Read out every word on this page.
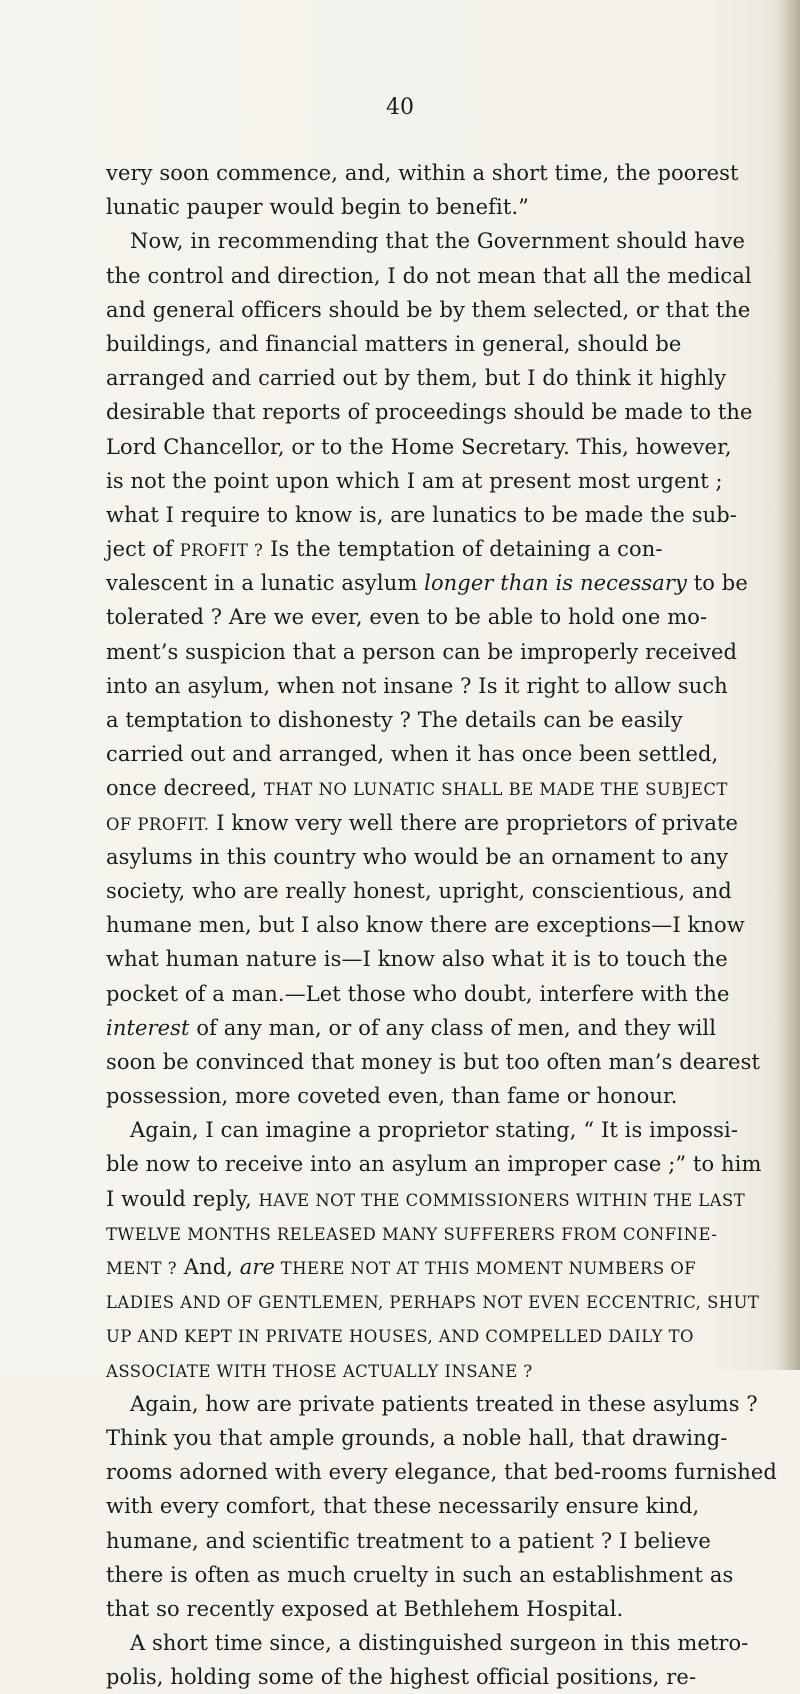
40
very soon commence, and, within a short time, the poorest
lunatic pauper would begin to benefit.”
Now, in recommending that the Government should have
the control and direction, I do not mean that all the medical
and general officers should be by them selected, or that the
buildings, and financial matters in general, should be
arranged and carried out by them, but I do think it highly
desirable that reports of proceedings should be made to the
Lord Chancellor, or to the Home Secretary. This, however,
is not the point upon which I am at present most urgent ;
what I require to know is, are lunatics to be made the sub-
ject of PROFIT ? Is the temptation of detaining a con-
valescent in a lunatic asylum longer than is necessary to be
tolerated ? Are we ever, even to be able to hold one mo-
ment’s suspicion that a person can be improperly received
into an asylum, when not insane ? Is it right to allow such
a temptation to dishonesty ? The details can be easily
carried out and arranged, when it has once been settled,
once decreed, THAT NO LUNATIC SHALL BE MADE THE SUBJECT
OF PROFIT. I know very well there are proprietors of private
asylums in this country who would be an ornament to any
society, who are really honest, upright, conscientious, and
humane men, but I also know there are exceptions—I know
what human nature is—I know also what it is to touch the
pocket of a man.—Let those who doubt, interfere with the
interest of any man, or of any class of men, and they will
soon be convinced that money is but too often man’s dearest
possession, more coveted even, than fame or honour.
Again, I can imagine a proprietor stating, “ It is impossi-
ble now to receive into an asylum an improper case ;” to him
I would reply, HAVE NOT THE COMMISSIONERS WITHIN THE LAST
TWELVE MONTHS RELEASED MANY SUFFERERS FROM CONFINE-
MENT ? And, are THERE NOT AT THIS MOMENT NUMBERS OF
LADIES AND OF GENTLEMEN, PERHAPS NOT EVEN ECCENTRIC, SHUT
UP AND KEPT IN PRIVATE HOUSES, AND COMPELLED DAILY TO
ASSOCIATE WITH THOSE ACTUALLY INSANE ?
Again, how are private patients treated in these asylums ?
Think you that ample grounds, a noble hall, that drawing-
rooms adorned with every elegance, that bed-rooms furnished
with every comfort, that these necessarily ensure kind,
humane, and scientific treatment to a patient ? I believe
there is often as much cruelty in such an establishment as
that so recently exposed at Bethlehem Hospital.
A short time since, a distinguished surgeon in this metro-
polis, holding some of the highest official positions, re-
